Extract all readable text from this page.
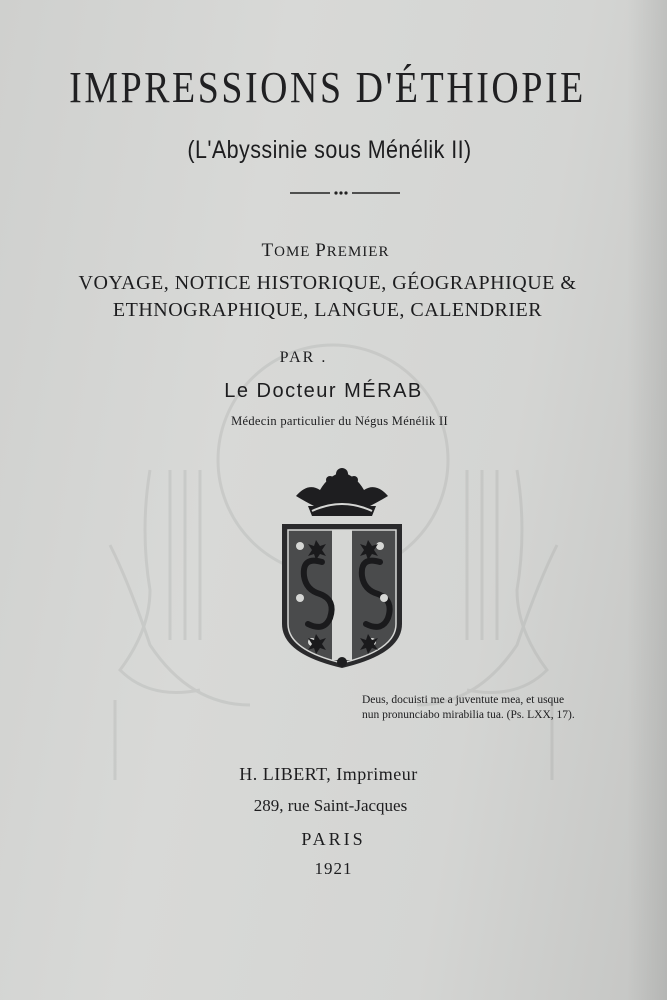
IMPRESSIONS D'ÉTHIOPIE
(L'Abyssinie sous Ménélik II)
TOME PREMIER
VOYAGE, NOTICE HISTORIQUE, GÉOGRAPHIQUE &
ETHNOGRAPHIQUE, LANGUE, CALENDRIER
PAR .
Le Docteur MÉRAB
Médecin particulier du Négus Ménélik II
Deus, docuisti me a juventute mea, et usque
nun pronunciabo mirabilia tua. (Ps. LXX, 17).
H. LIBERT, Imprimeur
289, rue Saint-Jacques
PARIS
1921
